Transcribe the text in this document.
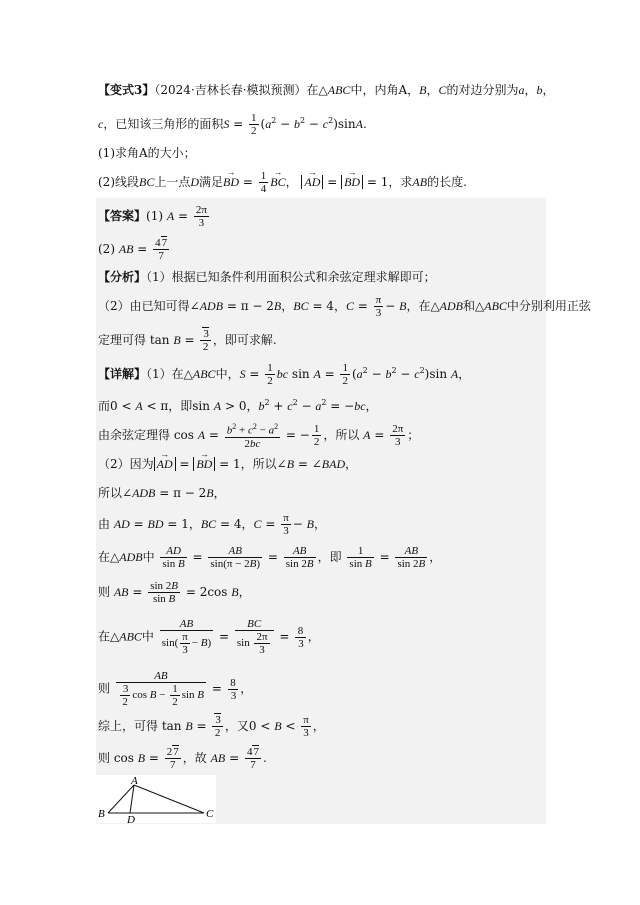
【变式3】（2024·吉林长春·模拟预测）在△ABC中，内角A，B，C的对边分别为a，b，
c，已知该三角形的面积$S = \frac{1}{2} (a^2 - b^2 - c^2)\sin A$.
(1)求角A的大小；
(2)线段BC上一点D满足→ BD = $\frac{1}{4}$ → BC， → AD = → BD = 1，求AB的长度.
【答案】(1) $A = \frac{2\pi}{3}$
(2) AB = $\frac{47}{7}$
【分析】（1）根据已知条件利用面积公式和余弦定理求解即可；
（2）由已知可得∠ADB = π − 2B，BC = 4，$C = \frac{\pi}{3} - B$，在△ADB和△ABC中分别利用正弦
定理可得 $\tan B = \frac{3}{2}$ ，即可求解.
【详解】（1）在△ABC中，$S = \frac{1}{2}$ bc $\sin A = \frac{1}{2} (a^2 - b^2 - c^2)\sin$ A，
而0 < A < π，即sin A > 0，$b^2 + c^2 - a^2 = -bc$，
由余弦定理得 $\cos A = \frac{b^2 + c^2 - a^2}{2bc}$ = − $\frac{1}{2}$ ，所以 $A = \frac{2\pi}{3}$ ；
（2）因为 → AD = → BD = 1，所以∠B = ∠BAD，
所以∠ADB = π − 2B，
由 AD = BD = 1，BC = 4，$C = \frac{\pi}{3} - B$，
在△ADB中 $\frac{AD}{\text{sin B}} = \frac{AB}{\sin(\pi - 2B)} = \frac{AB}{\sin 2B}$ ，即 $\frac{1}{\text{sin B}} = \frac{AB}{\sin 2B}$ ，
则 AB = $\frac{\sin 2B}{\text{sin B}} = 2\cos$ B，
在△ABC中 $\frac{AB}{\sin( \frac{\pi}{3} - B)} = \frac{BC}{\sin \frac{2\pi}{3}} = \frac{8}{3}$ ，
则 $\frac{AB}{\frac{3}{2} \cos B - \frac{1}{2} \sin B} = \frac{8}{3}$ ，
综上，可得 $\tan B = \frac{3}{2}$ ，又$0 < B < \frac{\pi}{3}$ ，
则 $\cos B = \frac{27}{7}$ ，故 AB = $\frac{47}{7}$ .
A
B	C
D
